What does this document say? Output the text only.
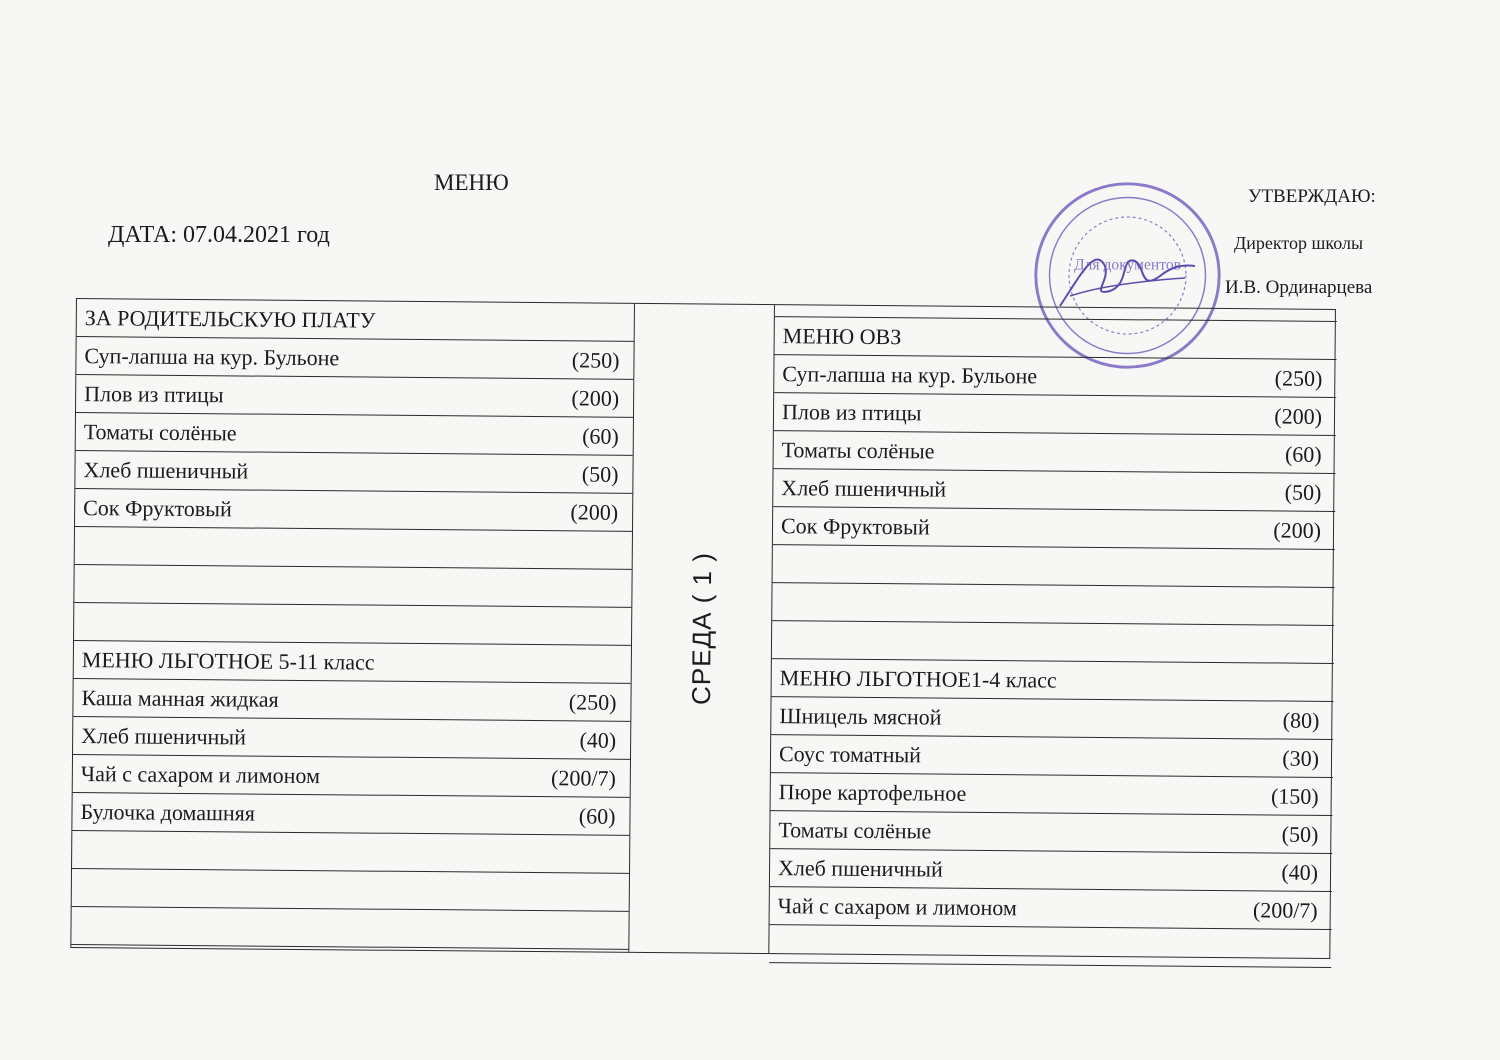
МЕНЮ
ДАТА: 07.04.2021 год
УТВЕРЖДАЮ:
Директор школы
И.В. Ординарцева
Для документов
ЗА РОДИТЕЛЬСКУЮ ПЛАТУ
Суп-лапша на кур. Бульоне	(250)
Плов из птицы	(200)
Томаты солёные	(60)
Хлеб пшеничный	(50)
Сок Фруктовый	(200)
МЕНЮ ЛЬГОТНОЕ 5-11 класс
Каша манная жидкая	(250)
Хлеб пшеничный	(40)
Чай с сахаром и лимоном	(200/7)
Булочка домашняя	(60)
СРЕДА ( 1 )
МЕНЮ ОВЗ
Суп-лапша на кур. Бульоне	(250)
Плов из птицы	(200)
Томаты солёные	(60)
Хлеб пшеничный	(50)
Сок Фруктовый	(200)
МЕНЮ ЛЬГОТНОЕ1-4 класс
Шницель мясной	(80)
Соус томатный	(30)
Пюре картофельное	(150)
Томаты солёные	(50)
Хлеб пшеничный	(40)
Чай с сахаром и лимоном	(200/7)
